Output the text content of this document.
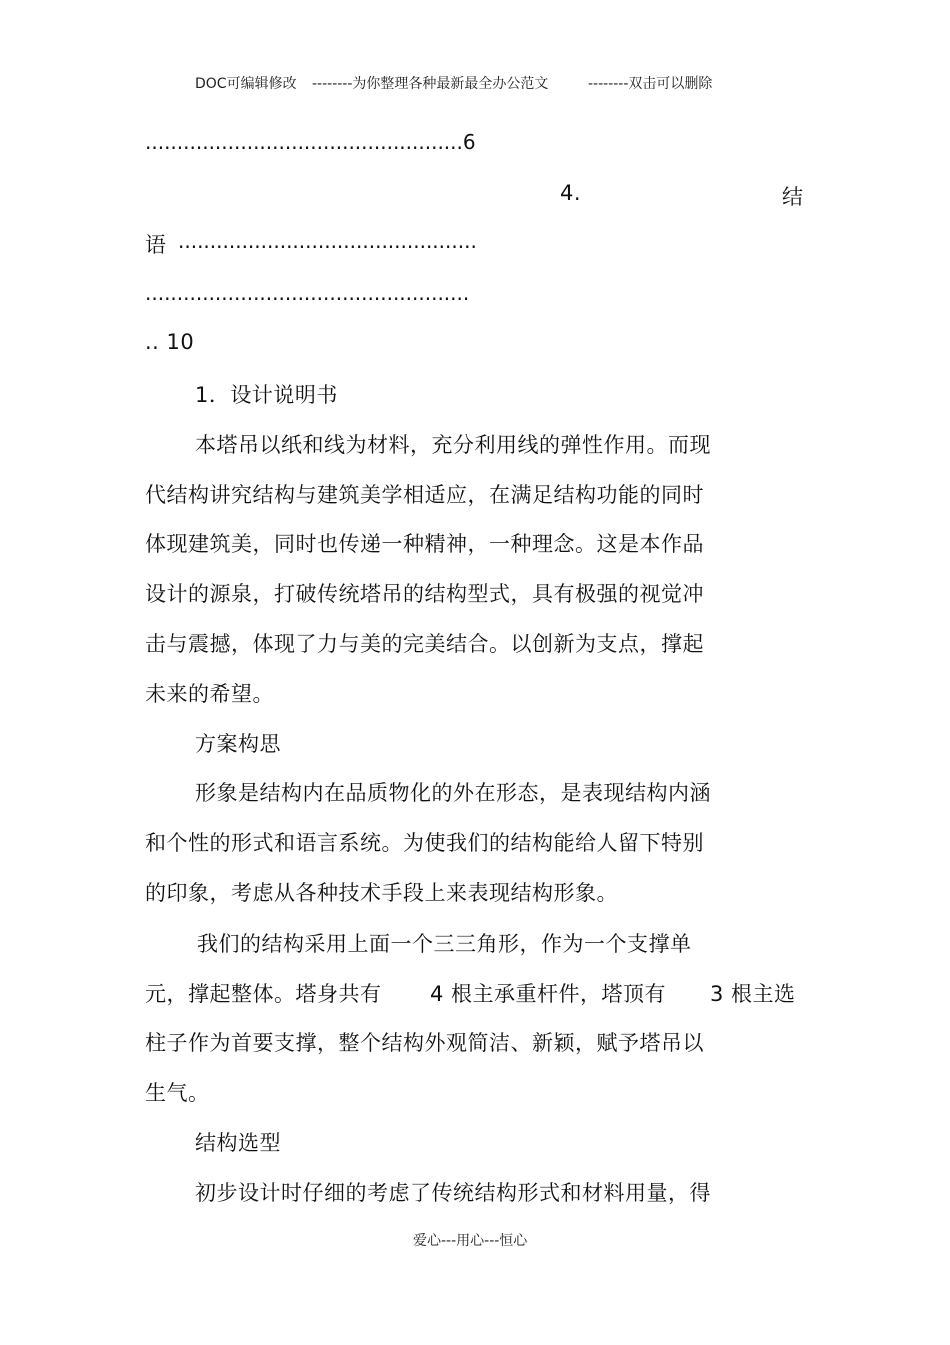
DOC可编辑修改 --------为你整理各种最新最全办公范文	--------双击可以删除
..................................................6
4.	结
语 ...............................................
...................................................
.. 10
1．设计说明书
本塔吊以纸和线为材料，充分利用线的弹性作用。而现
代结构讲究结构与建筑美学相适应，在满足结构功能的同时
体现建筑美，同时也传递一种精神，一种理念。这是本作品
设计的源泉，打破传统塔吊的结构型式，具有极强的视觉冲
击与震撼，体现了力与美的完美结合。以创新为支点，撑起
未来的希望。
方案构思
形象是结构内在品质物化的外在形态，是表现结构内涵
和个性的形式和语言系统。为使我们的结构能给人留下特别
的印象，考虑从各种技术手段上来表现结构形象。
我们的结构采用上面一个三三角形，作为一个支撑单
元，撑起整体。塔身共有 4 根主承重杆件，塔顶有 3 根主选
柱子作为首要支撑，整个结构外观简洁、新颖，赋予塔吊以
生气。
结构选型
初步设计时仔细的考虑了传统结构形式和材料用量，得
爱心---用心---恒心
